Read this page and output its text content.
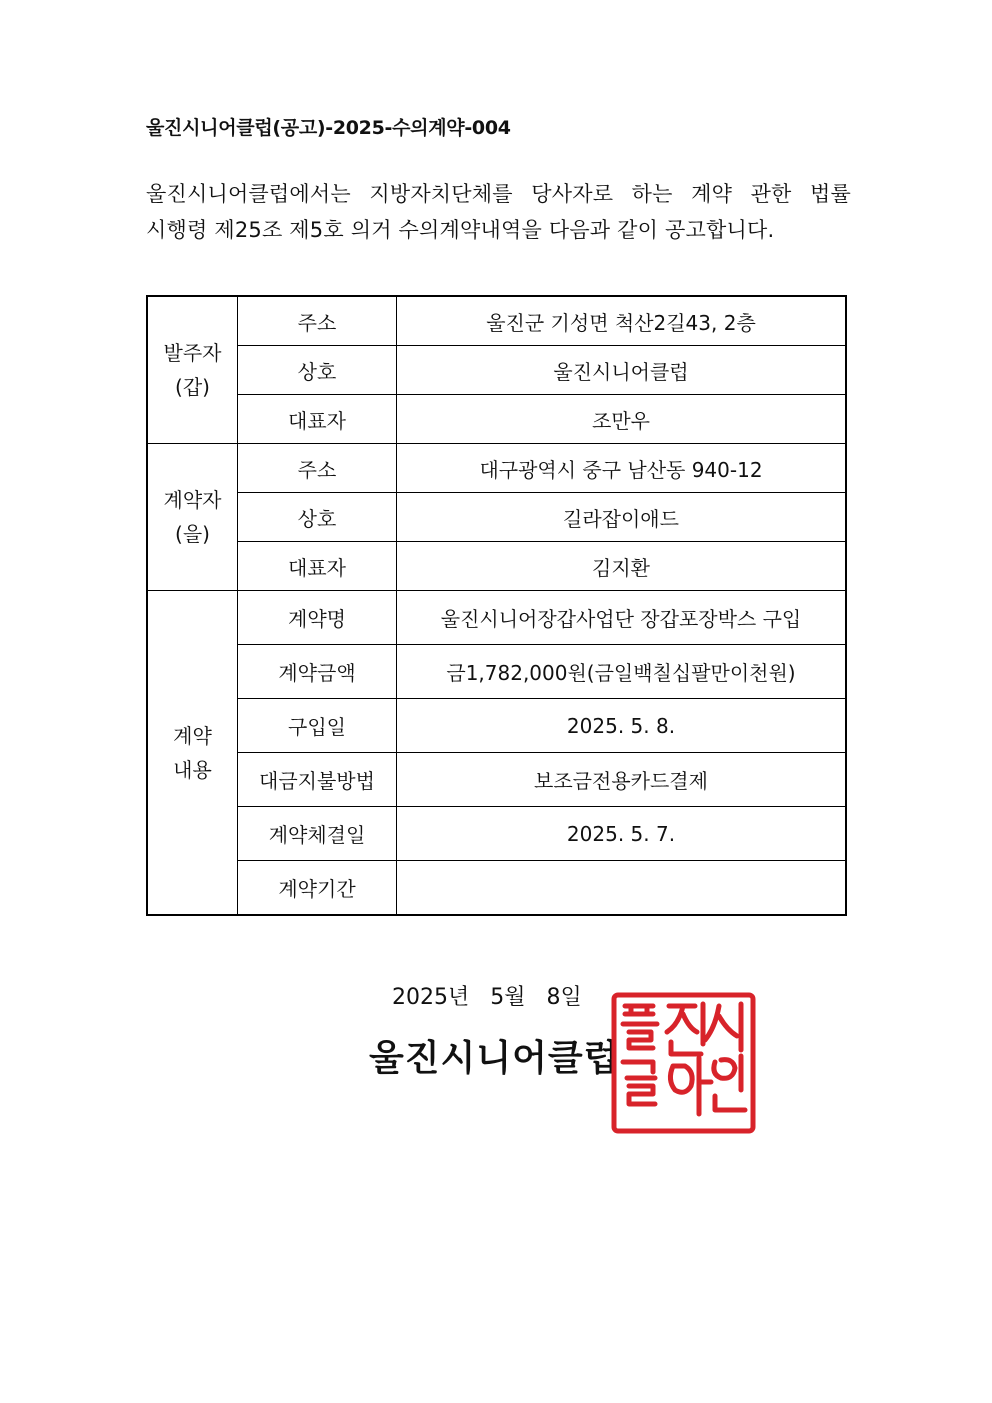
울진시니어클럽(공고)-2025-수의계약-004
울진시니어클럽에서는 지방자치단체를 당사자로 하는 계약 관한 법률
시행령 제25조 제5호 의거 수의계약내역을 다음과 같이 공고합니다.
발주자
(갑)	주소	울진군 기성면 척산2길43, 2층
	상호	울진시니어클럽
	대표자	조만우

계약자
(을)	주소	대구광역시 중구 남산동 940-12
	상호	길라잡이애드
	대표자	김지환

계약
내용	계약명	울진시니어장갑사업단 장갑포장박스 구입
	계약금액	금1,782,000원(금일백칠십팔만이천원)
	구입일	2025. 5. 8.
	대금지불방법	보조금전용카드결제
	계약체결일	2025. 5. 7.
	계약기간	
2025년   5월   8일
울진시니어클럽
